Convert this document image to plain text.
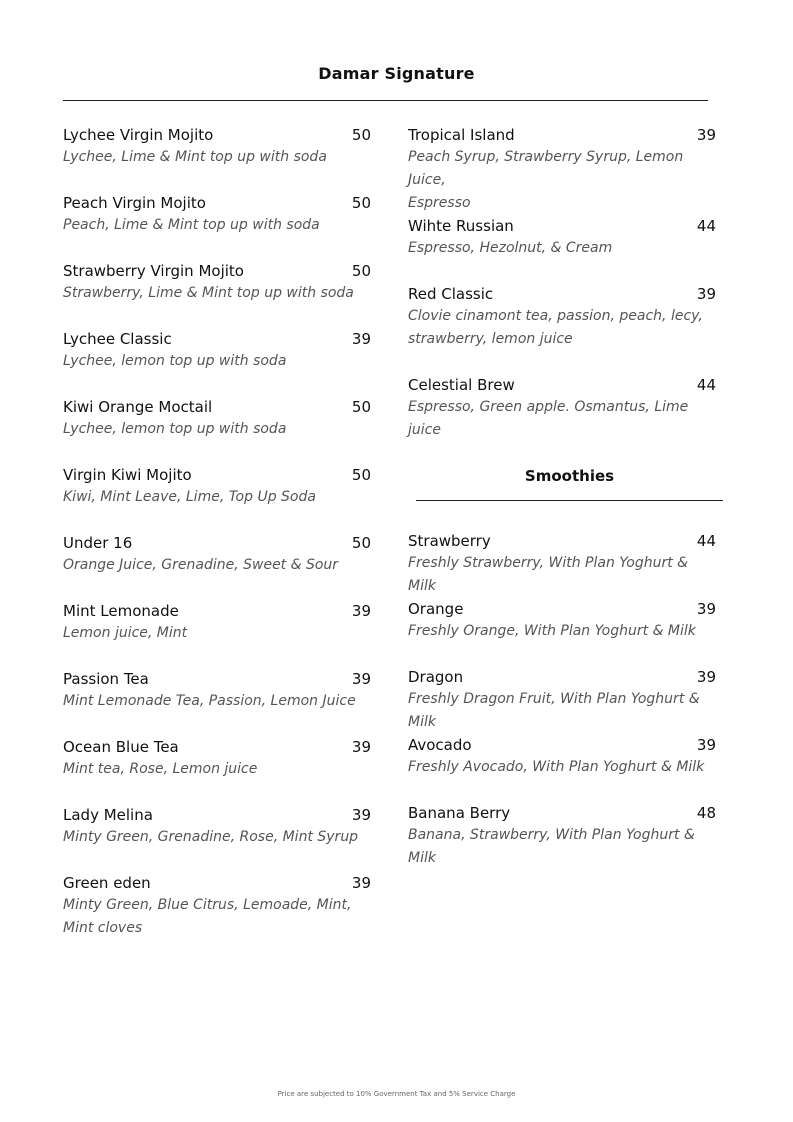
Damar Signature
Lychee Virgin Mojito	50
Lychee, Lime & Mint top up with soda
Peach Virgin Mojito	50
Peach, Lime & Mint top up with soda
Strawberry Virgin Mojito	50
Strawberry, Lime & Mint top up with soda
Lychee Classic	39
Lychee, lemon top up with soda
Kiwi Orange Moctail	50
Lychee, lemon top up with soda
Virgin Kiwi Mojito	50
Kiwi, Mint Leave, Lime, Top Up Soda
Under 16	50
Orange Juice, Grenadine, Sweet & Sour
Mint Lemonade	39
Lemon juice, Mint
Passion Tea	39
Mint Lemonade Tea, Passion, Lemon Juice
Ocean Blue Tea	39
Mint tea, Rose, Lemon juice
Lady Melina	39
Minty Green, Grenadine, Rose, Mint Syrup
Green eden	39
Minty Green, Blue Citrus, Lemoade, Mint,
Mint cloves
Tropical Island	39
Peach Syrup, Strawberry Syrup, Lemon Juice,
Espresso
Wihte Russian	44
Espresso, Hezolnut, & Cream
Red Classic	39
Clovie cinamont tea, passion, peach, lecy,
strawberry, lemon juice
Celestial Brew	44
Espresso, Green apple. Osmantus, Lime juice
Smoothies
Strawberry	44
Freshly Strawberry, With Plan Yoghurt & Milk
Orange	39
Freshly Orange, With Plan Yoghurt & Milk
Dragon	39
Freshly Dragon Fruit, With Plan Yoghurt & Milk
Avocado	39
Freshly Avocado, With Plan Yoghurt & Milk
Banana Berry	48
Banana, Strawberry, With Plan Yoghurt & Milk
Price are subjected to 10% Government Tax and 5% Service Charge
